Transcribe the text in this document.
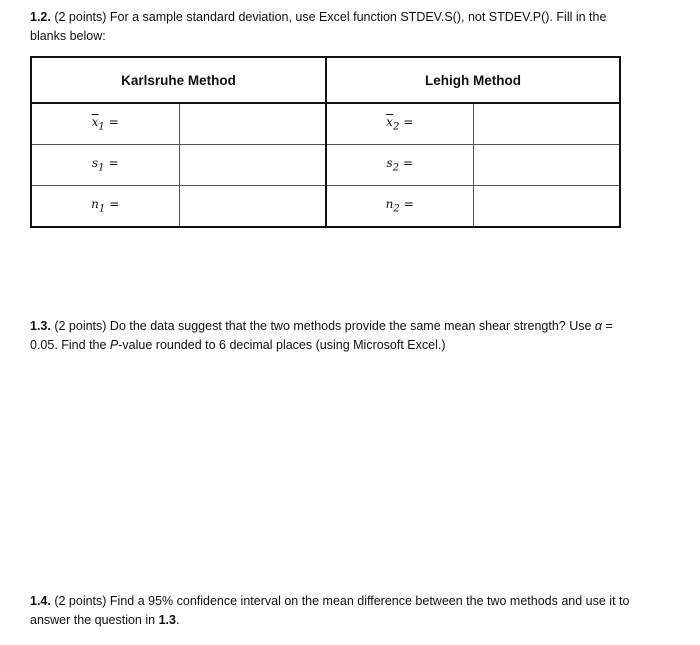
1.2. (2 points) For a sample standard deviation, use Excel function STDEV.S(), not STDEV.P(). Fill in the blanks below:

Karlsruhe Method		Lehigh Method	
$\overline{x}_1$ =		$\overline{x}_2$ =	
$s_1$ =		$s_2$ =	
$n_1$ =		$n_2$ =	

1.3. (2 points) Do the data suggest that the two methods provide the same mean shear strength? Use α = 0.05. Find the P-value rounded to 6 decimal places (using Microsoft Excel.)

1.4. (2 points) Find a 95% confidence interval on the mean difference between the two methods and use it to answer the question in 1.3.
